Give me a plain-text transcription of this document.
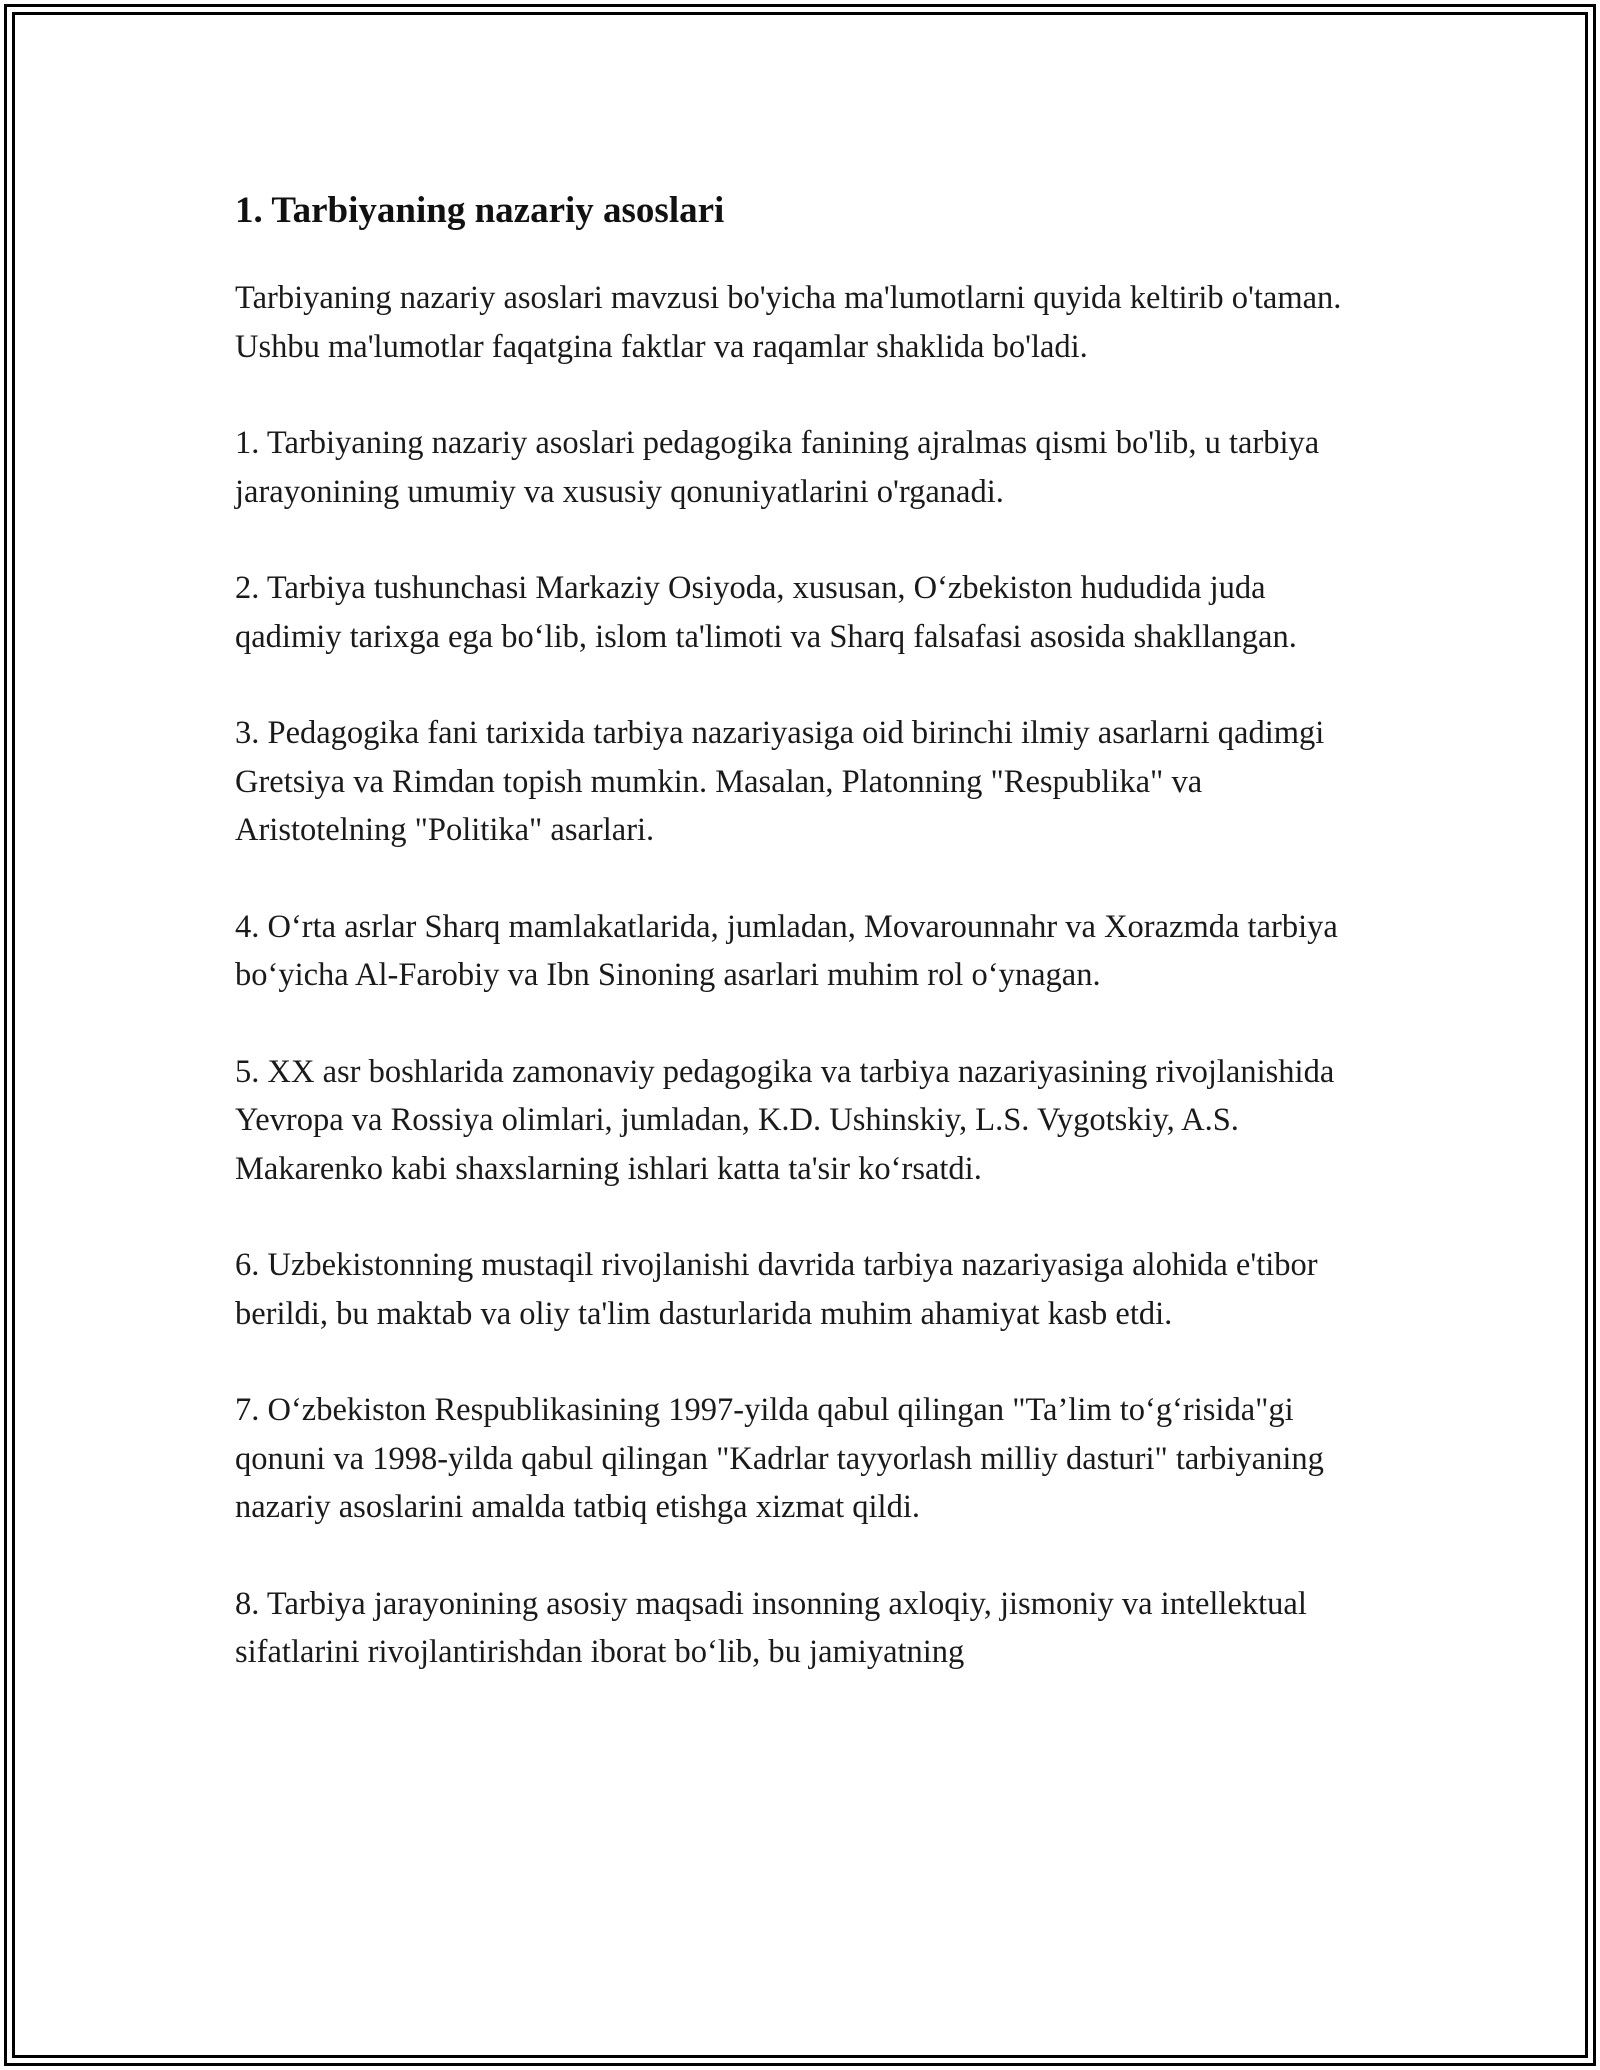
1. Tarbiyaning nazariy asoslari

Tarbiyaning nazariy asoslari mavzusi bo'yicha ma'lumotlarni quyida keltirib o'taman. Ushbu ma'lumotlar faqatgina faktlar va raqamlar shaklida bo'ladi.

1. Tarbiyaning nazariy asoslari pedagogika fanining ajralmas qismi bo'lib, u tarbiya jarayonining umumiy va xususiy qonuniyatlarini o'rganadi.

2. Tarbiya tushunchasi Markaziy Osiyoda, xususan, Oʻzbekiston hududida juda qadimiy tarixga ega boʻlib, islom ta'limoti va Sharq falsafasi asosida shakllangan.

3. Pedagogika fani tarixida tarbiya nazariyasiga oid birinchi ilmiy asarlarni qadimgi Gretsiya va Rimdan topish mumkin. Masalan, Platonning "Respublika" va Aristotelning "Politika" asarlari.

4. Oʻrta asrlar Sharq mamlakatlarida, jumladan, Movarounnahr va Xorazmda tarbiya boʻyicha Al-Farobiy va Ibn Sinoning asarlari muhim rol oʻynagan.

5. XX asr boshlarida zamonaviy pedagogika va tarbiya nazariyasining rivojlanishida Yevropa va Rossiya olimlari, jumladan, K.D. Ushinskiy, L.S. Vygotskiy, A.S. Makarenko kabi shaxslarning ishlari katta ta'sir koʻrsatdi.

6. Uzbekistonning mustaqil rivojlanishi davrida tarbiya nazariyasiga alohida e'tibor berildi, bu maktab va oliy ta'lim dasturlarida muhim ahamiyat kasb etdi.

7. Oʻzbekiston Respublikasining 1997-yilda qabul qilingan "Ta’lim toʻgʻrisida"gi qonuni va 1998-yilda qabul qilingan "Kadrlar tayyorlash milliy dasturi" tarbiyaning nazariy asoslarini amalda tatbiq etishga xizmat qildi.

8. Tarbiya jarayonining asosiy maqsadi insonning axloqiy, jismoniy va intellektual sifatlarini rivojlantirishdan iborat boʻlib, bu jamiyatning
